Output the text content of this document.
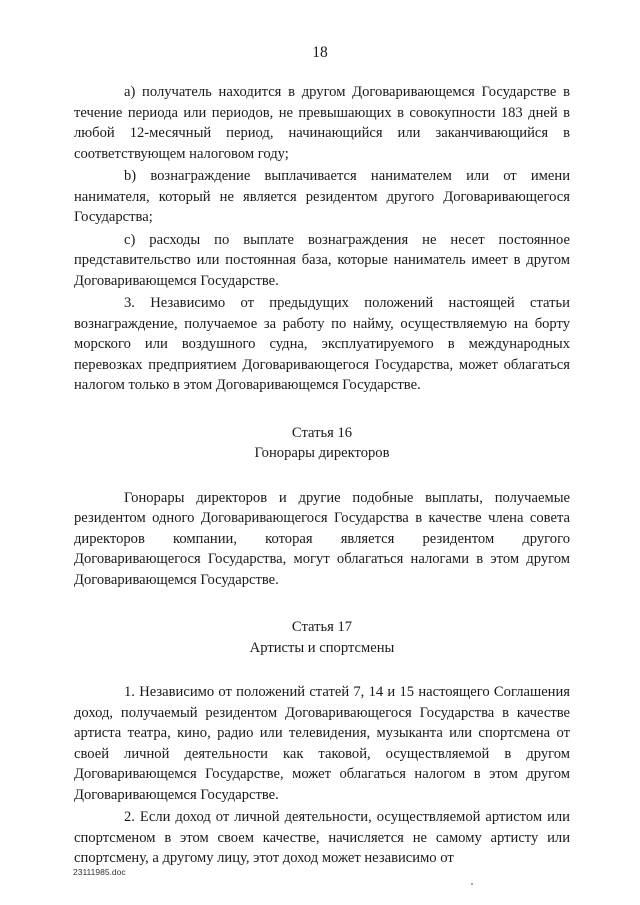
18

a) получатель находится в другом Договаривающемся Государстве в течение периода или периодов, не превышающих в совокупности 183 дней в любой 12-месячный период, начинающийся или заканчивающийся в соответствующем налоговом году;

b) вознаграждение выплачивается нанимателем или от имени нанимателя, который не является резидентом другого Договаривающегося Государства;

c) расходы по выплате вознаграждения не несет постоянное представительство или постоянная база, которые наниматель имеет в другом Договаривающемся Государстве.

3. Независимо от предыдущих положений настоящей статьи вознаграждение, получаемое за работу по найму, осуществляемую на борту морского или воздушного судна, эксплуатируемого в международных перевозках предприятием Договаривающегося Государства, может облагаться налогом только в этом Договаривающемся Государстве.

Статья 16

Гонорары директоров

Гонорары директоров и другие подобные выплаты, получаемые резидентом одного Договаривающегося Государства в качестве члена совета директоров компании, которая является резидентом другого Договаривающегося Государства, могут облагаться налогами в этом другом Договаривающемся Государстве.

Статья 17

Артисты и спортсмены

1. Независимо от положений статей 7, 14 и 15 настоящего Соглашения доход, получаемый резидентом Договаривающегося Государства в качестве артиста театра, кино, радио или телевидения, музыканта или спортсмена от своей личной деятельности как таковой, осуществляемой в другом Договаривающемся Государстве, может облагаться налогом в этом другом Договаривающемся Государстве.

2. Если доход от личной деятельности, осуществляемой артистом или спортсменом в этом своем качестве, начисляется не самому артисту или спортсмену, а другому лицу, этот доход может независимо от

23111985.doc
